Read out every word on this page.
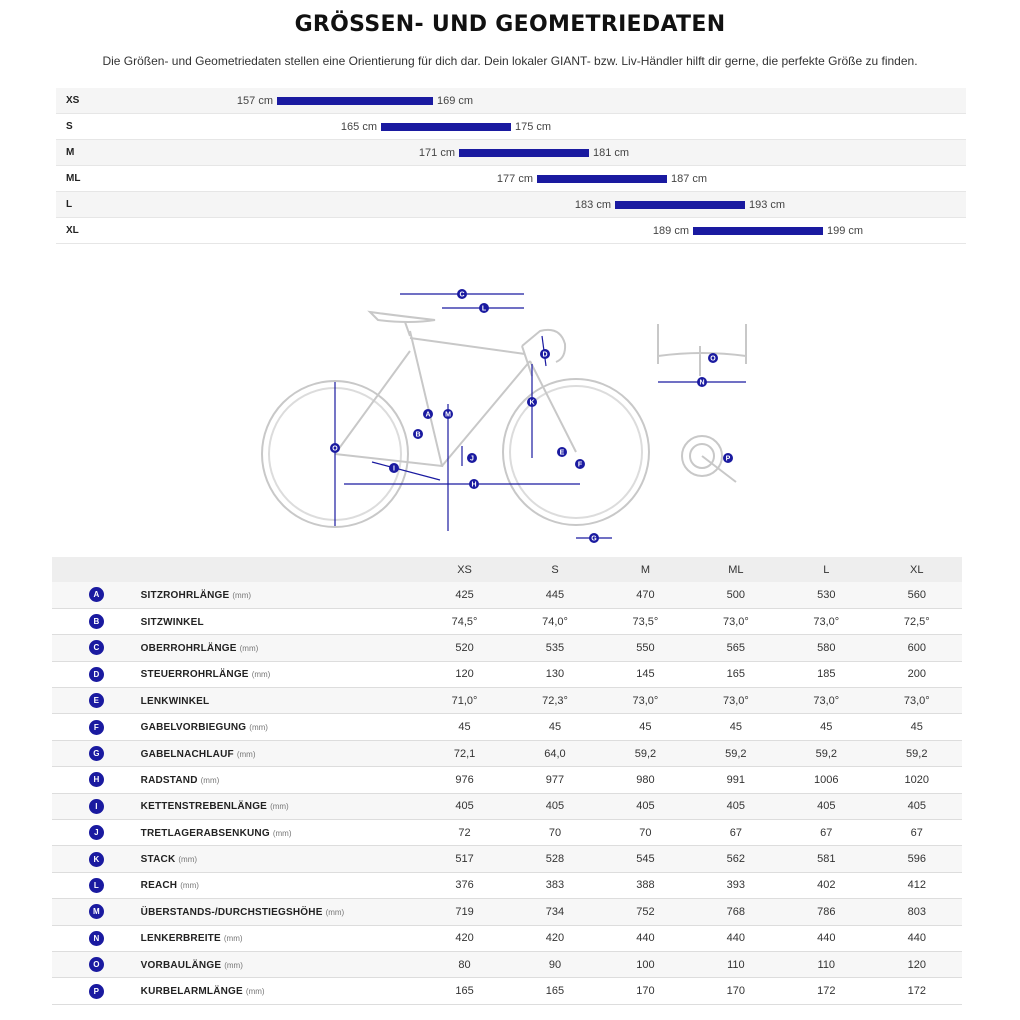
GRÖSSEN- UND GEOMETRIEDATEN
Die Größen- und Geometriedaten stellen eine Orientierung für dich dar. Dein lokaler GIANT- bzw. Liv-Händler hilft dir gerne, die perfekte Größe zu finden.
XS	157 cm	169 cm
S	165 cm	175 cm
M	171 cm	181 cm
ML	177 cm	187 cm
L	183 cm	193 cm
XL	189 cm	199 cm
C
L
D
A M
K
B
O
E
J
F
I
H
G
O
N
P
		XS	S	M	ML	L	XL
A	SITZROHRLÄNGE (mm)	425	445	470	500	530	560
B	SITZWINKEL	74,5°	74,0°	73,5°	73,0°	73,0°	72,5°
C	OBERROHRLÄNGE (mm)	520	535	550	565	580	600
D	STEUERROHRLÄNGE (mm)	120	130	145	165	185	200
E	LENKWINKEL	71,0°	72,3°	73,0°	73,0°	73,0°	73,0°
F	GABELVORBIEGUNG (mm)	45	45	45	45	45	45
G	GABELNACHLAUF (mm)	72,1	64,0	59,2	59,2	59,2	59,2
H	RADSTAND (mm)	976	977	980	991	1006	1020
I	KETTENSTREBENLÄNGE (mm)	405	405	405	405	405	405
J	TRETLAGERABSENKUNG (mm)	72	70	70	67	67	67
K	STACK (mm)	517	528	545	562	581	596
L	REACH (mm)	376	383	388	393	402	412
M	ÜBERSTANDS-/DURCHSTIEGSHÖHE (mm)	719	734	752	768	786	803
N	LENKERBREITE (mm)	420	420	440	440	440	440
O	VORBAULÄNGE (mm)	80	90	100	110	110	120
P	KURBELARMLÄNGE (mm)	165	165	170	170	172	172
